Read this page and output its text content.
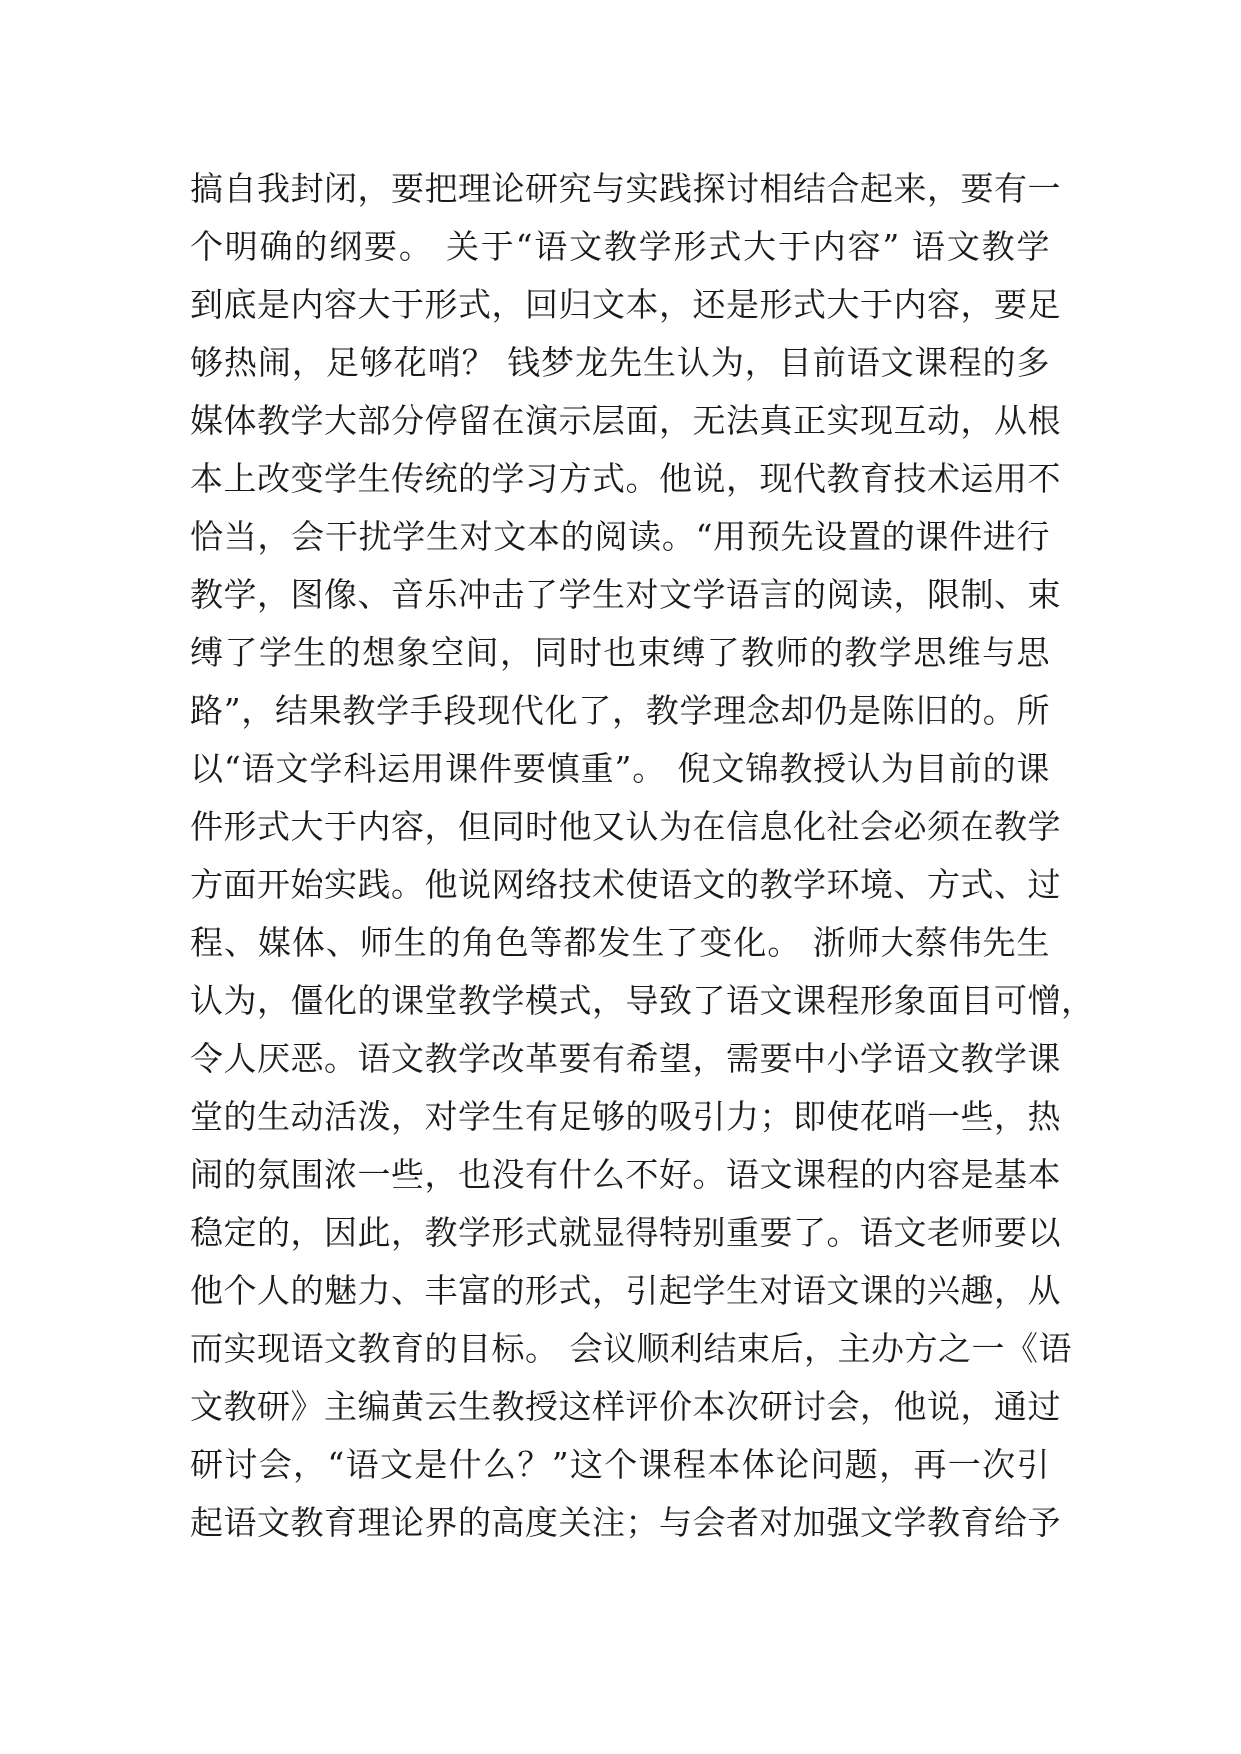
搞自我封闭，要把理论研究与实践探讨相结合起来，要有一
个明确的纲要。 关于“语文教学形式大于内容” 语文教学
到底是内容大于形式，回归文本，还是形式大于内容，要足
够热闹，足够花哨？ 钱梦龙先生认为，目前语文课程的多
媒体教学大部分停留在演示层面，无法真正实现互动，从根
本上改变学生传统的学习方式。他说，现代教育技术运用不
恰当，会干扰学生对文本的阅读。“用预先设置的课件进行
教学，图像、音乐冲击了学生对文学语言的阅读，限制、束
缚了学生的想象空间，同时也束缚了教师的教学思维与思
路”，结果教学手段现代化了，教学理念却仍是陈旧的。所
以“语文学科运用课件要慎重”。 倪文锦教授认为目前的课
件形式大于内容，但同时他又认为在信息化社会必须在教学
方面开始实践。他说网络技术使语文的教学环境、方式、过
程、媒体、师生的角色等都发生了变化。 浙师大蔡伟先生
认为，僵化的课堂教学模式，导致了语文课程形象面目可憎，
令人厌恶。语文教学改革要有希望，需要中小学语文教学课
堂的生动活泼，对学生有足够的吸引力；即使花哨一些，热
闹的氛围浓一些，也没有什么不好。语文课程的内容是基本
稳定的，因此，教学形式就显得特别重要了。语文老师要以
他个人的魅力、丰富的形式，引起学生对语文课的兴趣，从
而实现语文教育的目标。 会议顺利结束后，主办方之一《语
文教研》主编黄云生教授这样评价本次研讨会，他说，通过
研讨会，“语文是什么？”这个课程本体论问题，再一次引
起语文教育理论界的高度关注；与会者对加强文学教育给予
